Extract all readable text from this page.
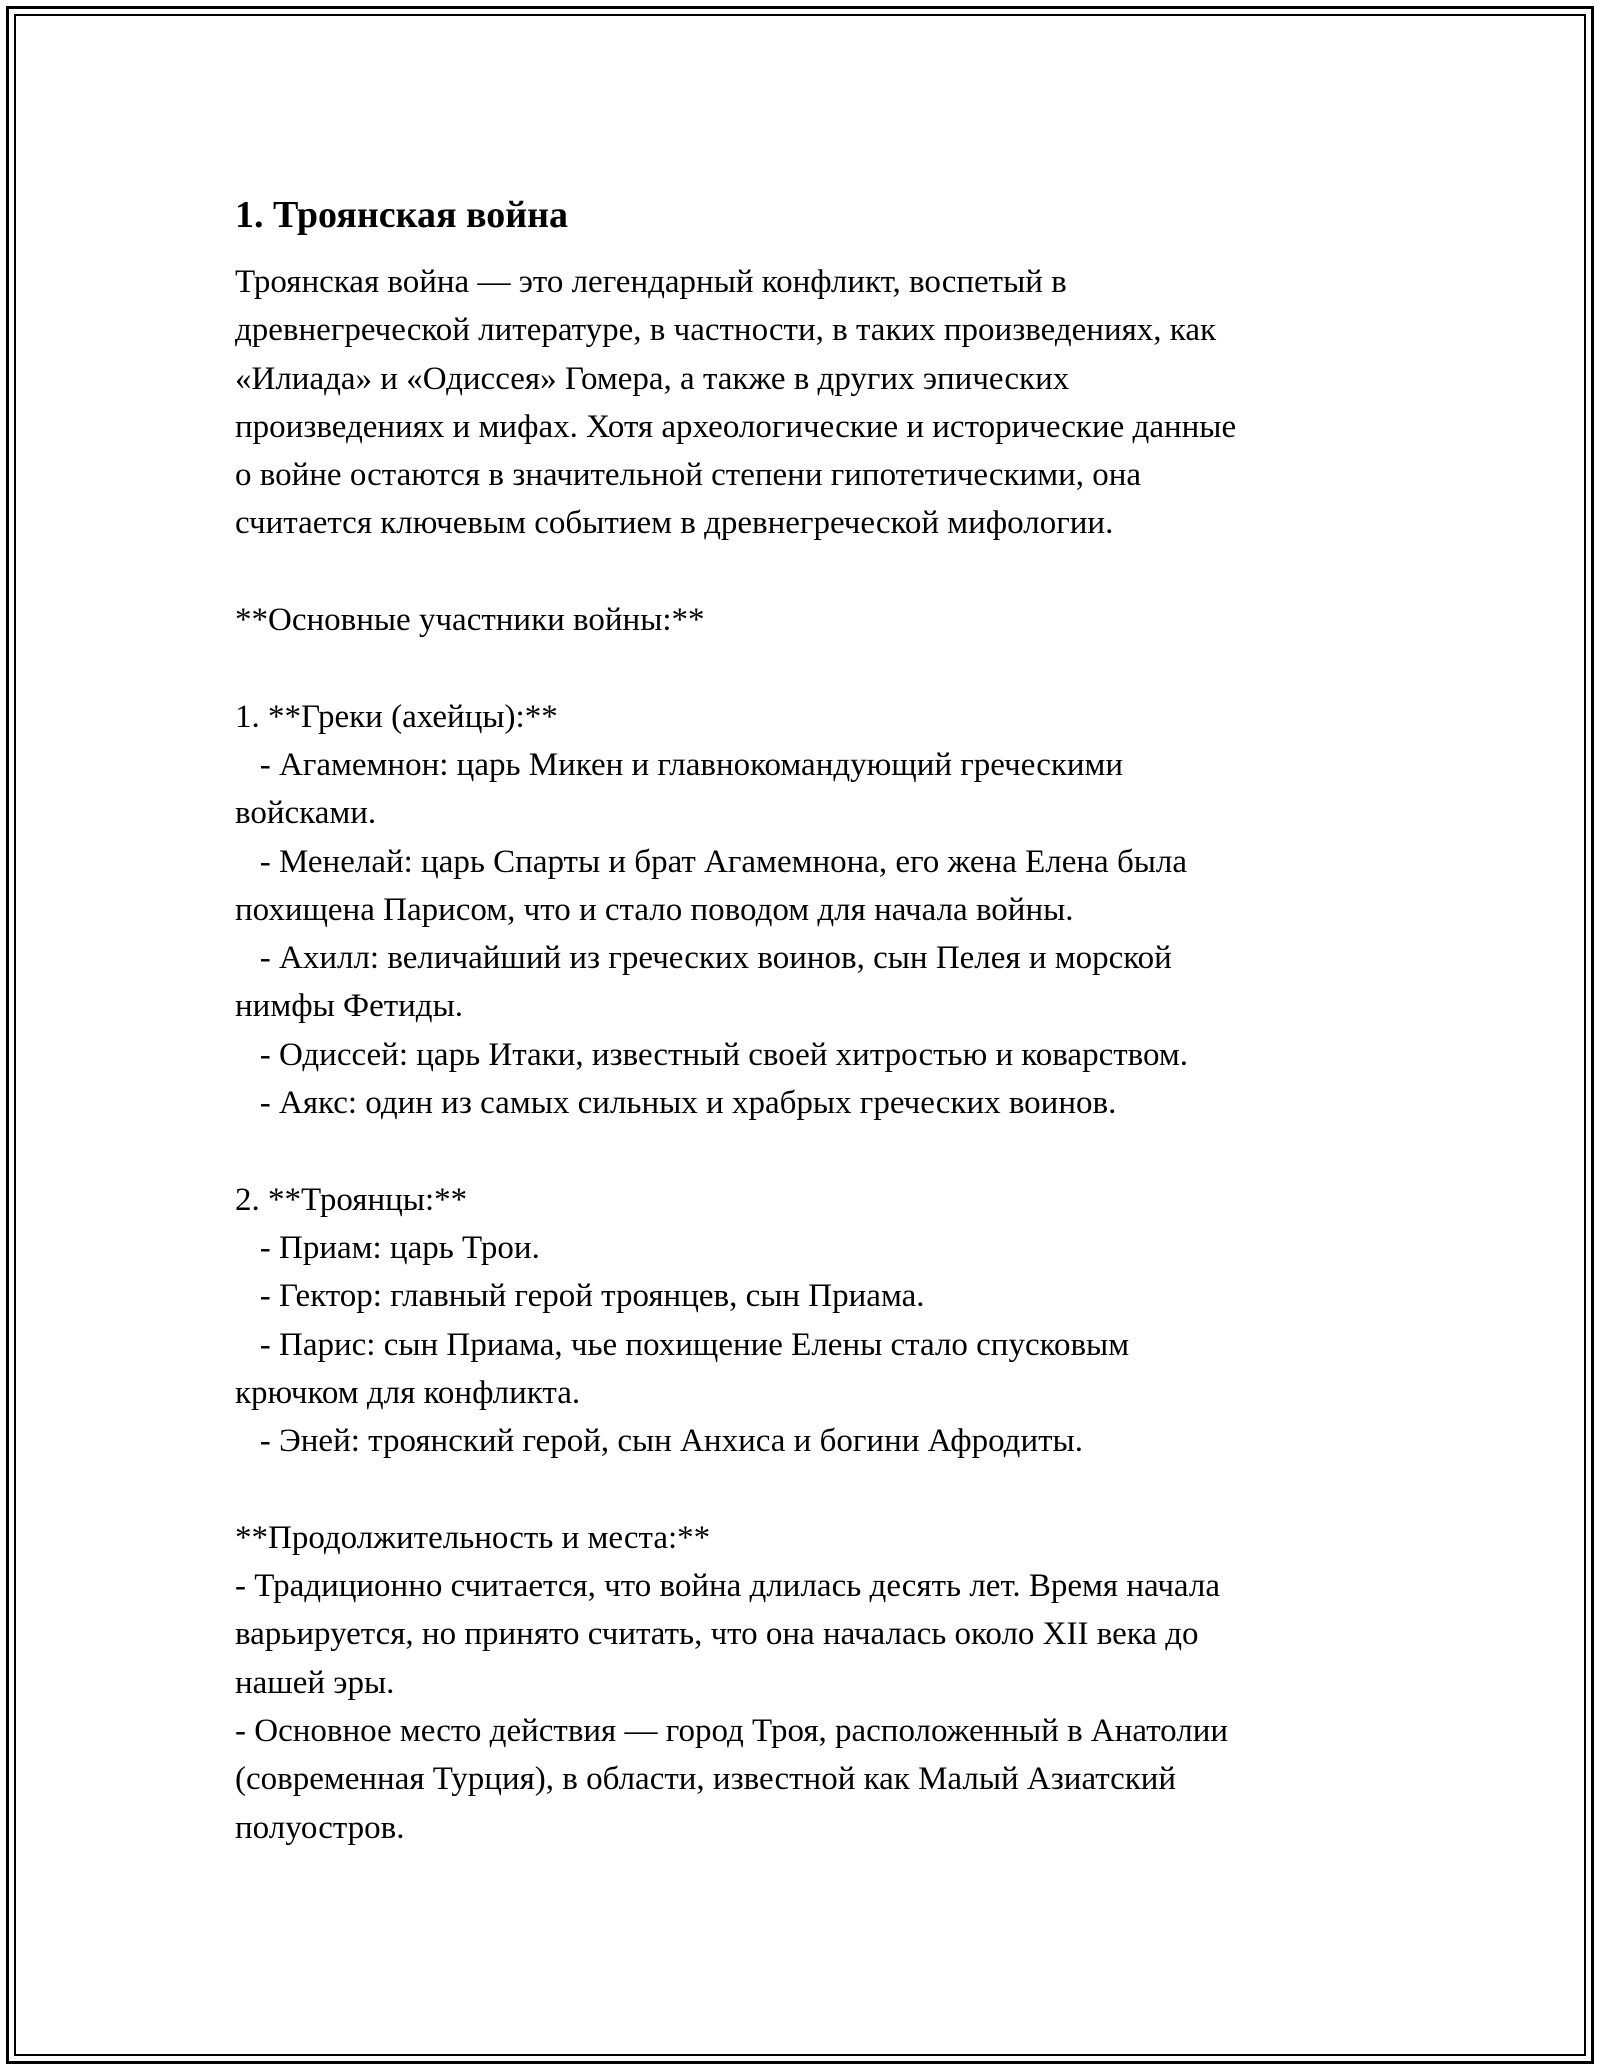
1. Троянская война
Троянская война — это легендарный конфликт, воспетый в
древнегреческой литературе, в частности, в таких произведениях, как
«Илиада» и «Одиссея» Гомера, а также в других эпических
произведениях и мифах. Хотя археологические и исторические данные
о войне остаются в значительной степени гипотетическими, она
считается ключевым событием в древнегреческой мифологии.
**Основные участники войны:**
1. **Греки (ахейцы):**
- Агамемнон: царь Микен и главнокомандующий греческими
войсками.
- Менелай: царь Спарты и брат Агамемнона, его жена Елена была
похищена Парисом, что и стало поводом для начала войны.
- Ахилл: величайший из греческих воинов, сын Пелея и морской
нимфы Фетиды.
- Одиссей: царь Итаки, известный своей хитростью и коварством.
- Аякс: один из самых сильных и храбрых греческих воинов.
2. **Троянцы:**
- Приам: царь Трои.
- Гектор: главный герой троянцев, сын Приама.
- Парис: сын Приама, чье похищение Елены стало спусковым
крючком для конфликта.
- Эней: троянский герой, сын Анхиса и богини Афродиты.
**Продолжительность и места:**
- Традиционно считается, что война длилась десять лет. Время начала
варьируется, но принято считать, что она началась около XII века до
нашей эры.
- Основное место действия — город Троя, расположенный в Анатолии
(современная Турция), в области, известной как Малый Азиатский
полуостров.
